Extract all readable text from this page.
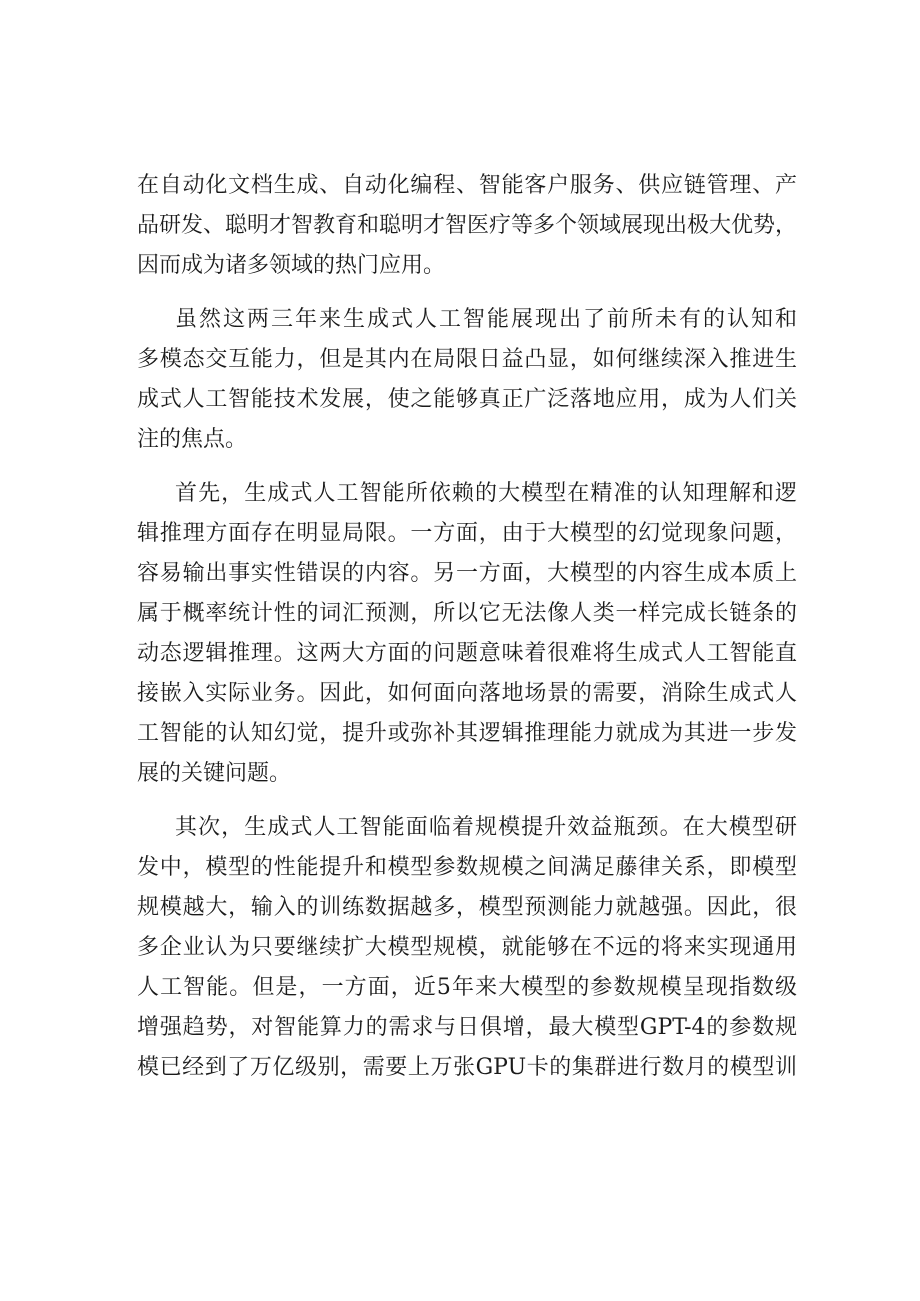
在自动化文档生成、自动化编程、智能客户服务、供应链管理、产
品研发、聪明才智教育和聪明才智医疗等多个领域展现出极大优势，
因而成为诸多领域的热门应用。
虽然这两三年来生成式人工智能展现出了前所未有的认知和
多模态交互能力，但是其内在局限日益凸显，如何继续深入推进生
成式人工智能技术发展，使之能够真正广泛落地应用，成为人们关
注的焦点。
首先，生成式人工智能所依赖的大模型在精准的认知理解和逻
辑推理方面存在明显局限。一方面，由于大模型的幻觉现象问题，
容易输出事实性错误的内容。另一方面，大模型的内容生成本质上
属于概率统计性的词汇预测，所以它无法像人类一样完成长链条的
动态逻辑推理。这两大方面的问题意味着很难将生成式人工智能直
接嵌入实际业务。因此，如何面向落地场景的需要，消除生成式人
工智能的认知幻觉，提升或弥补其逻辑推理能力就成为其进一步发
展的关键问题。
其次，生成式人工智能面临着规模提升效益瓶颈。在大模型研
发中，模型的性能提升和模型参数规模之间满足藤律关系，即模型
规模越大，输入的训练数据越多，模型预测能力就越强。因此，很
多企业认为只要继续扩大模型规模，就能够在不远的将来实现通用
人工智能。但是，一方面，近5年来大模型的参数规模呈现指数级
增强趋势，对智能算力的需求与日俱增，最大模型GPT-4的参数规
模已经到了万亿级别，需要上万张GPU卡的集群进行数月的模型训
